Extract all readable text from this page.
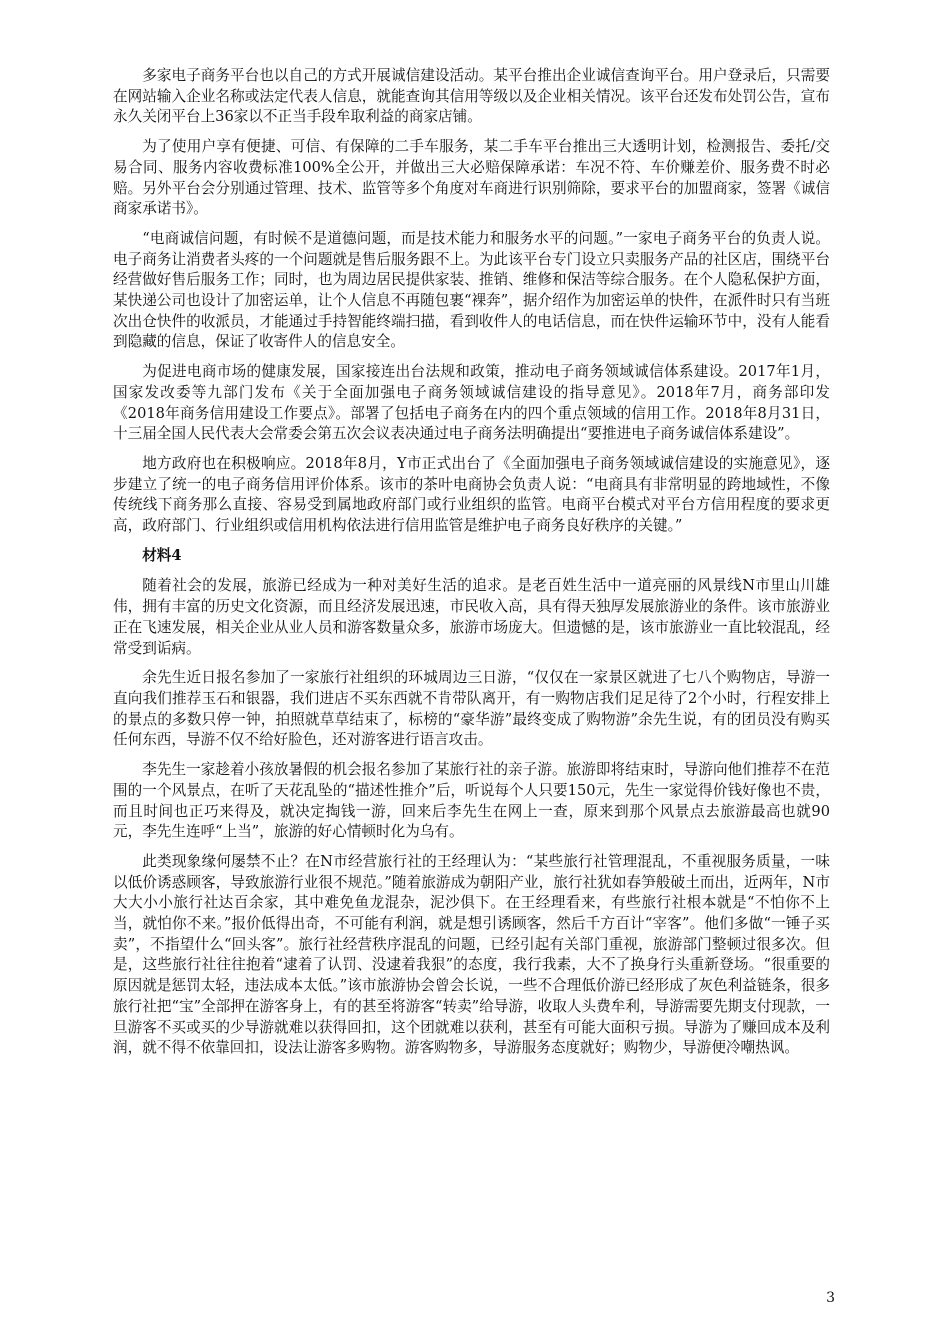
多家电子商务平台也以自己的方式开展诚信建设活动。某平台推出企业诚信查询平台。用户登录后，只需要在网站输入企业名称或法定代表人信息，就能查询其信用等级以及企业相关情况。该平台还发布处罚公告，宣布永久关闭平台上36家以不正当手段牟取利益的商家店铺。

为了使用户享有便捷、可信、有保障的二手车服务，某二手车平台推出三大透明计划，检测报告、委托/交易合同、服务内容收费标准100%全公开，并做出三大必赔保障承诺：车况不符、车价赚差价、服务费不时必赔。另外平台会分别通过管理、技术、监管等多个角度对车商进行识别筛除，要求平台的加盟商家，签署《诚信商家承诺书》。

“电商诚信问题，有时候不是道德问题，而是技术能力和服务水平的问题。”一家电子商务平台的负责人说。电子商务让消费者头疼的一个问题就是售后服务跟不上。为此该平台专门设立只卖服务产品的社区店，围绕平台经营做好售后服务工作；同时，也为周边居民提供家装、推销、维修和保洁等综合服务。在个人隐私保护方面，某快递公司也设计了加密运单，让个人信息不再随包裹“裸奔”，据介绍作为加密运单的快件，在派件时只有当班次出仓快件的收派员，才能通过手持智能终端扫描，看到收件人的电话信息，而在快件运输环节中，没有人能看到隐藏的信息，保证了收寄件人的信息安全。

为促进电商市场的健康发展，国家接连出台法规和政策，推动电子商务领域诚信体系建设。2017年1月，国家发改委等九部门发布《关于全面加强电子商务领域诚信建设的指导意见》。2018年7月，商务部印发《2018年商务信用建设工作要点》。部署了包括电子商务在内的四个重点领域的信用工作。2018年8月31日，十三届全国人民代表大会常委会第五次会议表决通过电子商务法明确提出“要推进电子商务诚信体系建设”。

地方政府也在积极响应。2018年8月，Y市正式出台了《全面加强电子商务领域诚信建设的实施意见》，逐步建立了统一的电子商务信用评价体系。该市的茶叶电商协会负责人说：“电商具有非常明显的跨地域性，不像传统线下商务那么直接、容易受到属地政府部门或行业组织的监管。电商平台模式对平台方信用程度的要求更高，政府部门、行业组织或信用机构依法进行信用监管是维护电子商务良好秩序的关键。”

材料4

随着社会的发展，旅游已经成为一种对美好生活的追求。是老百姓生活中一道亮丽的风景线N市里山川雄伟，拥有丰富的历史文化资源，而且经济发展迅速，市民收入高，具有得天独厚发展旅游业的条件。该市旅游业正在飞速发展，相关企业从业人员和游客数量众多，旅游市场庞大。但遗憾的是，该市旅游业一直比较混乱，经常受到诟病。

余先生近日报名参加了一家旅行社组织的环城周边三日游，“仅仅在一家景区就进了七八个购物店，导游一直向我们推荐玉石和银器，我们进店不买东西就不肯带队离开，有一购物店我们足足待了2个小时，行程安排上的景点的多数只停一钟，拍照就草草结束了，标榜的“豪华游”最终变成了购物游”余先生说，有的团员没有购买任何东西，导游不仅不给好脸色，还对游客进行语言攻击。

李先生一家趁着小孩放暑假的机会报名参加了某旅行社的亲子游。旅游即将结束时，导游向他们推荐不在范围的一个风景点，在听了天花乱坠的“描述性推介”后，听说每个人只要150元，先生一家觉得价钱好像也不贵，而且时间也正巧来得及，就决定掏钱一游，回来后李先生在网上一查，原来到那个风景点去旅游最高也就90元，李先生连呼“上当”，旅游的好心情顿时化为乌有。

此类现象缘何屡禁不止？在N市经营旅行社的王经理认为：“某些旅行社管理混乱，不重视服务质量，一味以低价诱惑顾客，导致旅游行业很不规范。”随着旅游成为朝阳产业，旅行社犹如春笋般破土而出，近两年，N市大大小小旅行社达百余家，其中难免鱼龙混杂，泥沙俱下。在王经理看来，有些旅行社根本就是“不怕你不上当，就怕你不来。”报价低得出奇，不可能有利润，就是想引诱顾客，然后千方百计“宰客”。他们多做“一锤子买卖”，不指望什么“回头客”。旅行社经营秩序混乱的问题，已经引起有关部门重视，旅游部门整顿过很多次。但是，这些旅行社往往抱着“逮着了认罚、没逮着我狠”的态度，我行我素，大不了换身行头重新登场。“很重要的原因就是惩罚太轻，违法成本太低。”该市旅游协会曾会长说，一些不合理低价游已经形成了灰色利益链条，很多旅行社把“宝”全部押在游客身上，有的甚至将游客“转卖”给导游，收取人头费牟利，导游需要先期支付现款，一旦游客不买或买的少导游就难以获得回扣，这个团就难以获利，甚至有可能大面积亏损。导游为了赚回成本及利润，就不得不依靠回扣，设法让游客多购物。游客购物多，导游服务态度就好；购物少，导游便冷嘲热讽。

3
